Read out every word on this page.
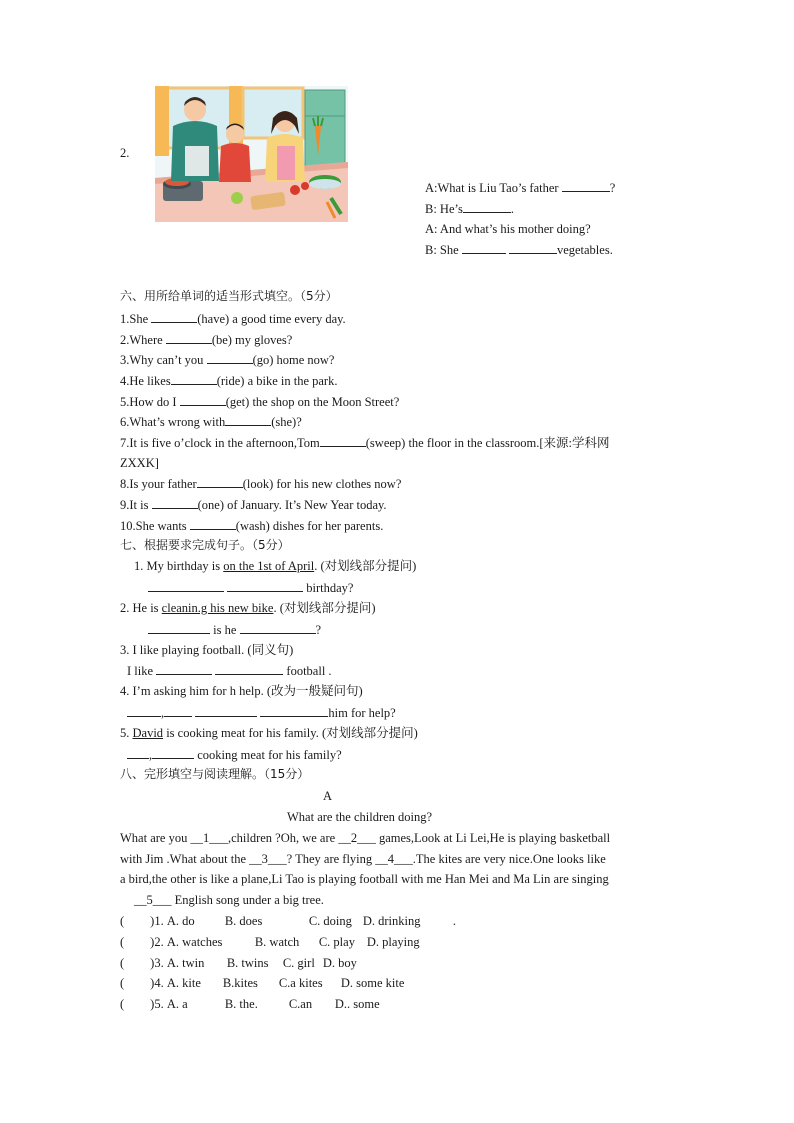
2.
A:What is Liu Tao’s father	?
B: He’s	.
A: And what’s his mother doing?
B: She	vegetables.
六、用所给单词的适当形式填空。（5分）
1.She	(have) a good time every day.
2.Where	(be) my gloves?
3.Why can’t you	(go) home now?
4.He likes	(ride) a bike in the park.
5.How do I	(get) the shop on the Moon Street?
6.What’s wrong with	(she)?
7.It is five o’clock in the afternoon,Tom	(sweep) the floor in the classroom.[来源:学科网
ZXXK]
8.Is your father	(look) for his new clothes now?
9.It is	(one) of January. It’s New Year today.
10.She wants	(wash) dishes for her parents.
七、根据要求完成句子。（5分）
1. My birthday is on the 1st of April. (对划线部分提问)
birthday?
2. He is cleanin.g his new bike. (对划线部分提问)
is he	?
3. I like playing football. (同义句)
I like	football .
4. I’m asking him for h help. (改为一般疑问句)
,	him for help?
5. David is cooking meat for his family. (对划线部分提问)
,	cooking meat for his family?
八、完形填空与阅读理解。（15分）
A
What are the children doing?
What are you __1___,children ?Oh, we are __2___ games,Look at Li Lei,He is playing basketball
with Jim .What about the __3___? They are flying __4___.The kites are very nice.One looks like
a bird,the other is like a plane,Li Tao is playing football with me Han Mei and Ma Lin are singing
__5___ English song under a big tree.
( )1. A. do B. does	C. doing D. drinking	.
( )2. A. watches	B. watch C. play D. playing
( )3. A. twin B. twins C. girl D. boy
( )4. A. kite B.kites C.a kites D. some kite
( )5. A. a	B. the. C.an D.. some
